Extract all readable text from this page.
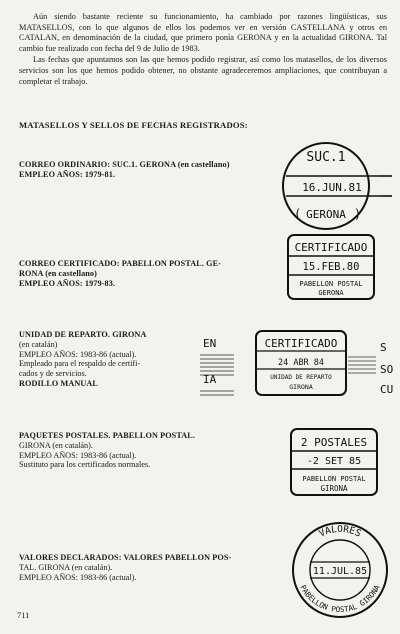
Aún siendo bastante reciente su funcionamiento, ha cambiado por razones lingüísticas, sus MATASELLOS, con lo que algunos de ellos los podemos ver en versión CASTELLANA y otros en CATALAN, en denominación de la ciudad, que primero ponía GERONA y en la actualidad GIRONA. Tal cambio fue realizado con fecha del 9 de Julio de 1983.

Las fechas que apuntamos son las que hemos podido registrar, así como los matasellos, de los diversos servicios son los que hemos podido obtener, no obstante agradeceremos ampliaciones, que contribuyan a completar el trabajo.

MATASELLOS Y SELLOS DE FECHAS REGISTRADOS:
CORREO ORDINARIO: SUC.1. GERONA (en castellano)
EMPLEO AÑOS: 1979-81.
CORREO CERTIFICADO: PABELLON POSTAL. GE-
RONA (en castellano)
EMPLEO AÑOS: 1979-83.
UNIDAD DE REPARTO. GIRONA
(en catalán)
EMPLEO AÑOS: 1983-86 (actual).
Empleado para el respaldo de certifi-
cados y de servicios.
RODILLO MANUAL
PAQUETES POSTALES. PABELLON POSTAL.
GIRONA (en catalán).
EMPLEO AÑOS: 1983-86 (actual).
Sustituto para los certificados normales.
VALORES DECLARADOS: VALORES PABELLON POS-
TAL. GIRONA (en catalán).
EMPLEO AÑOS: 1983-86 (actual).
SUC.1
16.JUN.81
GERONA
(	)
CERTIFICADO
15.FEB.80
PABELLON POSTAL
GERONA
EN
IA
CERTIFICADO
24 ABR 84
UNIDAD DE REPARTO
GIRONA
S
SO
CU
2 POSTALES
-2 SET 85
PABELLON POSTAL
GIRONA
VALORES
PABELLON POSTAL GIRONA
11.JUL.85

711
